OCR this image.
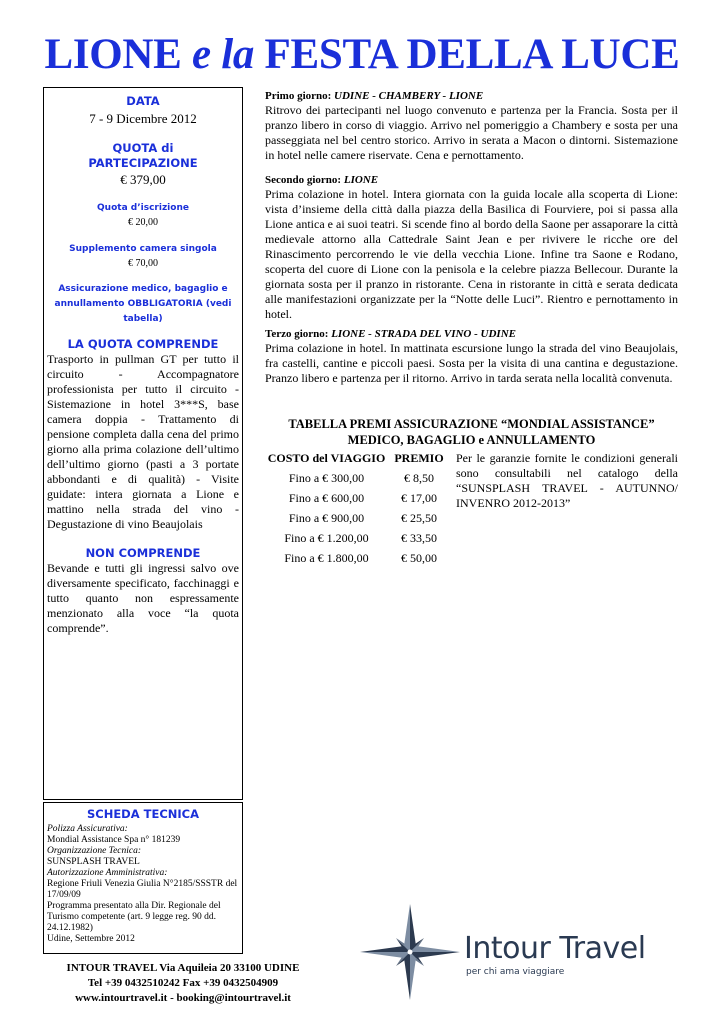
LIONE e la FESTA DELLA LUCE
DATA
7 - 9 Dicembre 2012
QUOTA di PARTECIPAZIONE
€ 379,00
Quota d’iscrizione
€ 20,00
Supplemento camera singola
€ 70,00
Assicurazione medico, bagaglio e annullamento OBBLIGATORIA (vedi tabella)
LA QUOTA COMPRENDE
Trasporto in pullman GT per tutto il circuito - Accompagnatore professionista per tutto il circuito - Sistemazione in hotel 3***S, base camera doppia - Trattamento di pensione completa dalla cena del primo giorno alla prima colazione dell’ultimo dell’ultimo giorno (pasti a 3 portate abbondanti e di qualità) - Visite guidate: intera giornata a Lione e mattino nella strada del vino - Degustazione di vino Beaujolais
NON COMPRENDE
Bevande e tutti gli ingressi salvo ove diversamente specificato, facchinaggi e tutto quanto non espressamente menzionato alla voce “la quota comprende”.
SCHEDA TECNICA
Polizza Assicurativa:
Mondial Assistance Spa n° 181239
Organizzazione Tecnica:
SUNSPLASH TRAVEL
Autorizzazione Amministrativa:
Regione Friuli Venezia Giulia N°2185/SSSTR del 17/09/09
Programma presentato alla Dir. Regionale del Turismo competente (art. 9 legge reg. 90 dd. 24.12.1982)
Udine, Settembre 2012
Primo giorno: UDINE - CHAMBERY - LIONE
Ritrovo dei partecipanti nel luogo convenuto e partenza per la Francia. Sosta per il pranzo libero in corso di viaggio. Arrivo nel pomeriggio a Chambery e sosta per una passeggiata nel bel centro storico. Arrivo in serata a Macon o dintorni. Sistemazione in hotel nelle camere riservate. Cena e pernottamento.
Secondo giorno: LIONE
Prima colazione in hotel. Intera giornata con la guida locale alla scoperta di Lione: vista d’insieme della città dalla piazza della Basilica di Fourviere, poi si passa alla Lione antica e ai suoi teatri. Si scende fino al bordo della Saone per assaporare la città medievale attorno alla Cattedrale Saint Jean e per rivivere le ricche ore del Rinascimento percorrendo le vie della vecchia Lione. Infine tra Saone e Rodano, scoperta del cuore di Lione con la penisola e la celebre piazza Bellecour. Durante la giornata sosta per il pranzo in ristorante. Cena in ristorante in città e serata dedicata alle manifestazioni organizzate per la “Notte delle Luci”. Rientro e pernottamento in hotel.
Terzo giorno: LIONE - STRADA DEL VINO - UDINE
Prima colazione in hotel. In mattinata escursione lungo la strada del vino Beaujolais, fra castelli, cantine e piccoli paesi. Sosta per la visita di una cantina e degustazione. Pranzo libero e partenza per il ritorno. Arrivo in tarda serata nella località convenuta.
TABELLA PREMI ASSICURAZIONE “MONDIAL ASSISTANCE”
MEDICO, BAGAGLIO e ANNULLAMENTO
COSTO del VIAGGIO PREMIO
Fino a € 300,00	€ 8,50
Fino a € 600,00	€ 17,00
Fino a € 900,00	€ 25,50
Fino a € 1.200,00	€ 33,50
Fino a € 1.800,00	€ 50,00
Per le garanzie fornite le condizioni generali sono consultabili nel catalogo della “SUNSPLASH TRAVEL - AUTUNNO/ INVENRO 2012-2013”
Intour Travel
per chi ama viaggiare
INTOUR TRAVEL Via Aquileia 20 33100 UDINE
Tel +39 0432510242 Fax +39 0432504909
www.intourtravel.it - booking@intourtravel.it
